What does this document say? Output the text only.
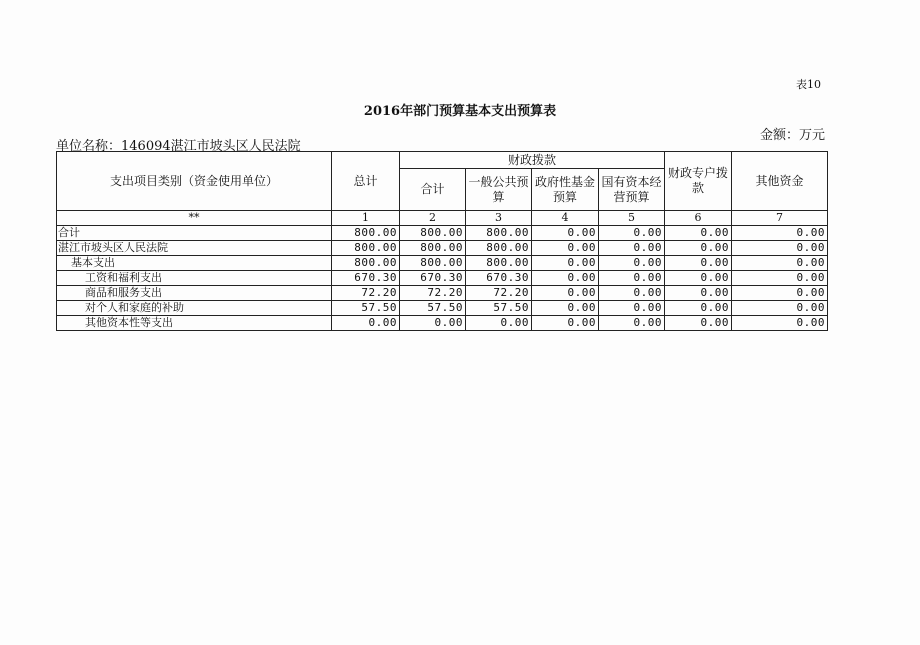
表10
2016年部门预算基本支出预算表
单位名称：146094湛江市坡头区人民法院
金额：万元
支出项目类别（资金使用单位）	总计	财政拨款				财政专户拨款	其他资金
		合计	一般公共预算	政府性基金预算	国有资本经营预算		
**	1	2	3	4	5	6	7
合计	800.00	800.00	800.00	0.00	0.00	0.00	0.00
湛江市坡头区人民法院	800.00	800.00	800.00	0.00	0.00	0.00	0.00
基本支出	800.00	800.00	800.00	0.00	0.00	0.00	0.00
工资和福利支出	670.30	670.30	670.30	0.00	0.00	0.00	0.00
商品和服务支出	72.20	72.20	72.20	0.00	0.00	0.00	0.00
对个人和家庭的补助	57.50	57.50	57.50	0.00	0.00	0.00	0.00
其他资本性等支出	0.00	0.00	0.00	0.00	0.00	0.00	0.00
